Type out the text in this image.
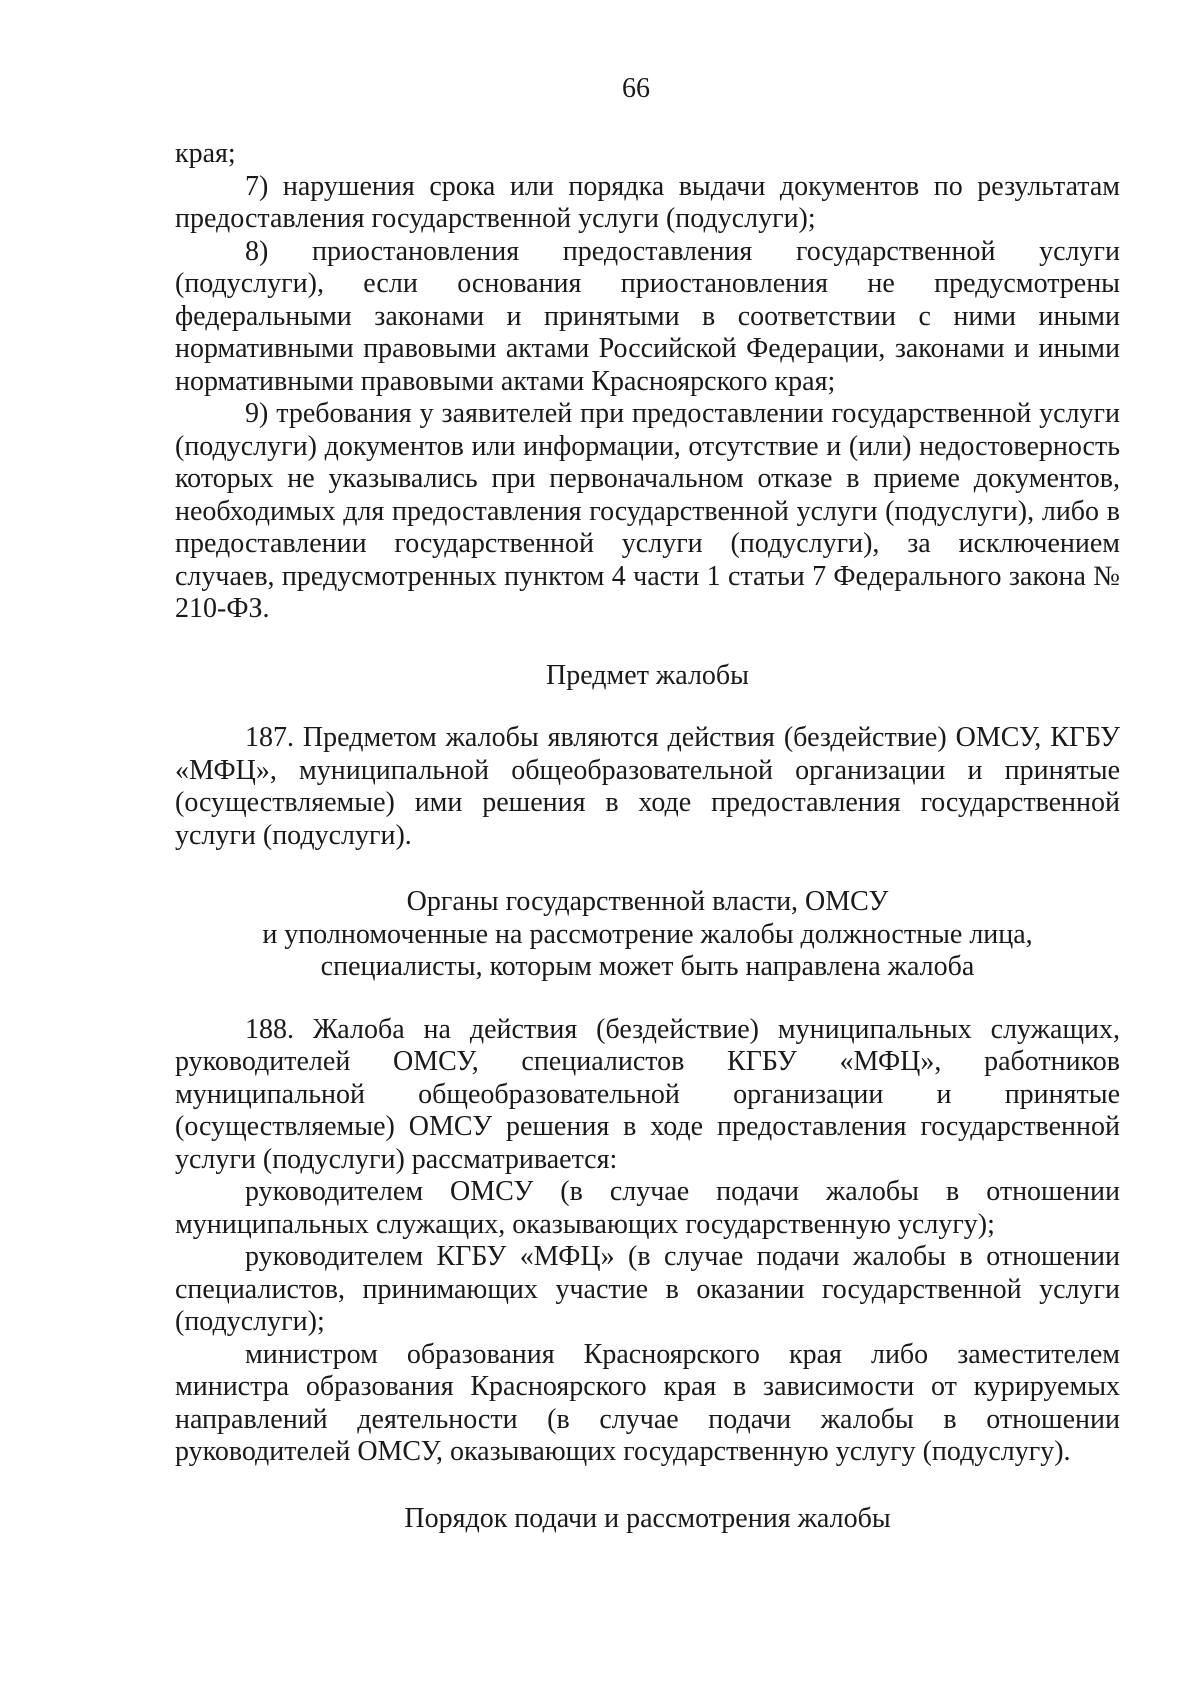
66

края;

7) нарушения срока или порядка выдачи документов по результатам предоставления государственной услуги (подуслуги);

8) приостановления предоставления государственной услуги (подуслуги), если основания приостановления не предусмотрены федеральными законами и принятыми в соответствии с ними иными нормативными правовыми актами Российской Федерации, законами и иными нормативными правовыми актами Красноярского края;

9) требования у заявителей при предоставлении государственной услуги (подуслуги) документов или информации, отсутствие и (или) недостоверность которых не указывались при первоначальном отказе в приеме документов, необходимых для предоставления государственной услуги (подуслуги), либо в предоставлении государственной услуги (подуслуги), за исключением случаев, предусмотренных пунктом 4 части 1 статьи 7 Федерального закона № 210-ФЗ.

Предмет жалобы

187. Предметом жалобы являются действия (бездействие) ОМСУ, КГБУ «МФЦ», муниципальной общеобразовательной организации и принятые (осуществляемые) ими решения в ходе предоставления государственной услуги (подуслуги).

Органы государственной власти, ОМСУ

и уполномоченные на рассмотрение жалобы должностные лица,

специалисты, которым может быть направлена жалоба

188. Жалоба на действия (бездействие) муниципальных служащих, руководителей ОМСУ, специалистов КГБУ «МФЦ», работников муниципальной общеобразовательной организации и принятые (осуществляемые) ОМСУ решения в ходе предоставления государственной услуги (подуслуги) рассматривается:

руководителем ОМСУ (в случае подачи жалобы в отношении муниципальных служащих, оказывающих государственную услугу);

руководителем КГБУ «МФЦ» (в случае подачи жалобы в отношении специалистов, принимающих участие в оказании государственной услуги (подуслуги);

министром образования Красноярского края либо заместителем министра образования Красноярского края в зависимости от курируемых направлений деятельности (в случае подачи жалобы в отношении руководителей ОМСУ, оказывающих государственную услугу (подуслугу).

Порядок подачи и рассмотрения жалобы
